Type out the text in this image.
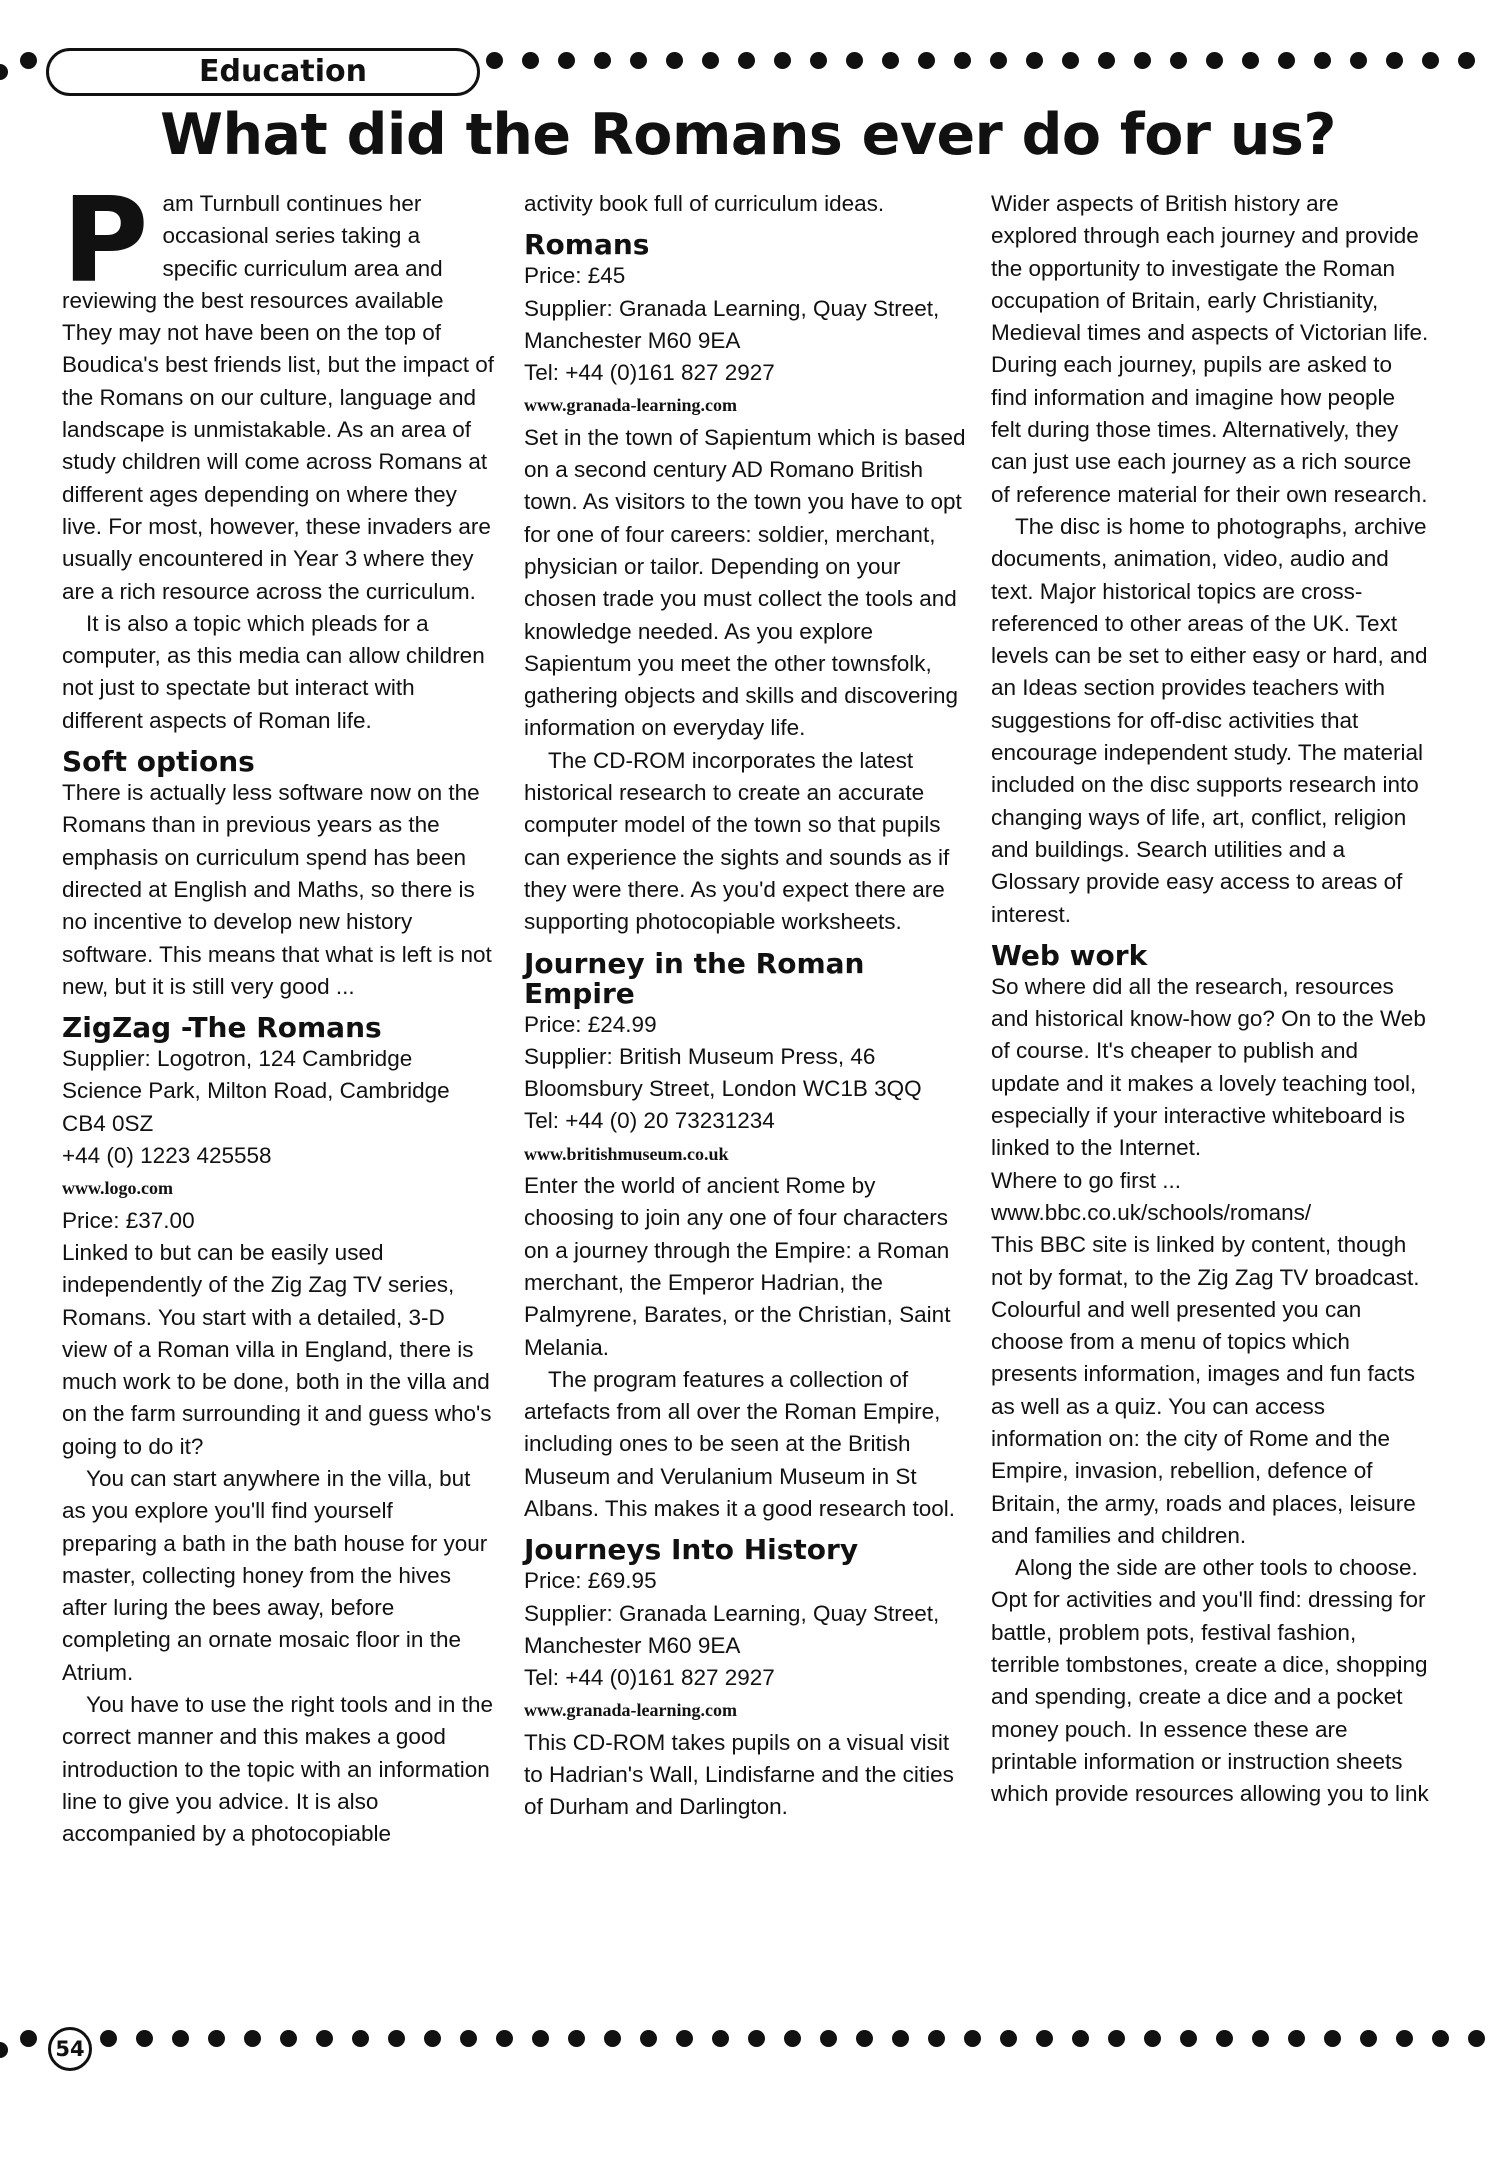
Education
What did the Romans ever do for us?

Pam Turnbull continues her occasional series taking a specific curriculum area and reviewing the best resources available They may not have been on the top of Boudica's best friends list, but the impact of the Romans on our culture, language and landscape is unmistakable. As an area of study children will come across Romans at different ages depending on where they live. For most, however, these invaders are usually encountered in Year 3 where they are a rich resource across the curriculum.

It is also a topic which pleads for a computer, as this media can allow children not just to spectate but interact with different aspects of Roman life.

Soft options

There is actually less software now on the Romans than in previous years as the emphasis on curriculum spend has been directed at English and Maths, so there is no incentive to develop new history software. This means that what is left is not new, but it is still very good ...

ZigZag -The Romans

Supplier: Logotron, 124 Cambridge Science Park, Milton Road, Cambridge CB4 0SZ

+44 (0) 1223 425558

www.logo.com

Price: £37.00

Linked to but can be easily used independently of the Zig Zag TV series, Romans. You start with a detailed, 3-D view of a Roman villa in England, there is much work to be done, both in the villa and on the farm surrounding it and guess who's going to do it?

You can start anywhere in the villa, but as you explore you'll find yourself preparing a bath in the bath house for your master, collecting honey from the hives after luring the bees away, before completing an ornate mosaic floor in the Atrium.

You have to use the right tools and in the correct manner and this makes a good introduction to the topic with an information line to give you advice. It is also accompanied by a photocopiable

activity book full of curriculum ideas.

Romans

Price: £45

Supplier: Granada Learning, Quay Street, Manchester M60 9EA

Tel: +44 (0)161 827 2927

www.granada-learning.com

Set in the town of Sapientum which is based on a second century AD Romano British town. As visitors to the town you have to opt for one of four careers: soldier, merchant, physician or tailor. Depending on your chosen trade you must collect the tools and knowledge needed. As you explore Sapientum you meet the other townsfolk, gathering objects and skills and discovering information on everyday life.

The CD-ROM incorporates the latest historical research to create an accurate computer model of the town so that pupils can experience the sights and sounds as if they were there. As you'd expect there are supporting photocopiable worksheets.

Journey in the Roman Empire

Price: £24.99

Supplier: British Museum Press, 46 Bloomsbury Street, London WC1B 3QQ

Tel: +44 (0) 20 73231234

www.britishmuseum.co.uk

Enter the world of ancient Rome by choosing to join any one of four characters on a journey through the Empire: a Roman merchant, the Emperor Hadrian, the Palmyrene, Barates, or the Christian, Saint Melania.

The program features a collection of artefacts from all over the Roman Empire, including ones to be seen at the British Museum and Verulanium Museum in St Albans. This makes it a good research tool.

Journeys Into History

Price: £69.95

Supplier: Granada Learning, Quay Street, Manchester M60 9EA

Tel: +44 (0)161 827 2927

www.granada-learning.com

This CD-ROM takes pupils on a visual visit to Hadrian's Wall, Lindisfarne and the cities of Durham and Darlington.

Wider aspects of British history are explored through each journey and provide the opportunity to investigate the Roman occupation of Britain, early Christianity, Medieval times and aspects of Victorian life. During each journey, pupils are asked to find information and imagine how people felt during those times. Alternatively, they can just use each journey as a rich source of reference material for their own research.

The disc is home to photographs, archive documents, animation, video, audio and text. Major historical topics are cross-referenced to other areas of the UK. Text levels can be set to either easy or hard, and an Ideas section provides teachers with suggestions for off-disc activities that encourage independent study. The material included on the disc supports research into changing ways of life, art, conflict, religion and buildings. Search utilities and a Glossary provide easy access to areas of interest.

Web work

So where did all the research, resources and historical know-how go? On to the Web of course. It's cheaper to publish and update and it makes a lovely teaching tool, especially if your interactive whiteboard is linked to the Internet.

Where to go first ...

www.bbc.co.uk/schools/romans/

This BBC site is linked by content, though not by format, to the Zig Zag TV broadcast. Colourful and well presented you can choose from a menu of topics which presents information, images and fun facts as well as a quiz. You can access information on: the city of Rome and the Empire, invasion, rebellion, defence of Britain, the army, roads and places, leisure and families and children.

Along the side are other tools to choose. Opt for activities and you'll find: dressing for battle, problem pots, festival fashion, terrible tombstones, create a dice, shopping and spending, create a dice and a pocket money pouch. In essence these are printable information or instruction sheets which provide resources allowing you to link

54
